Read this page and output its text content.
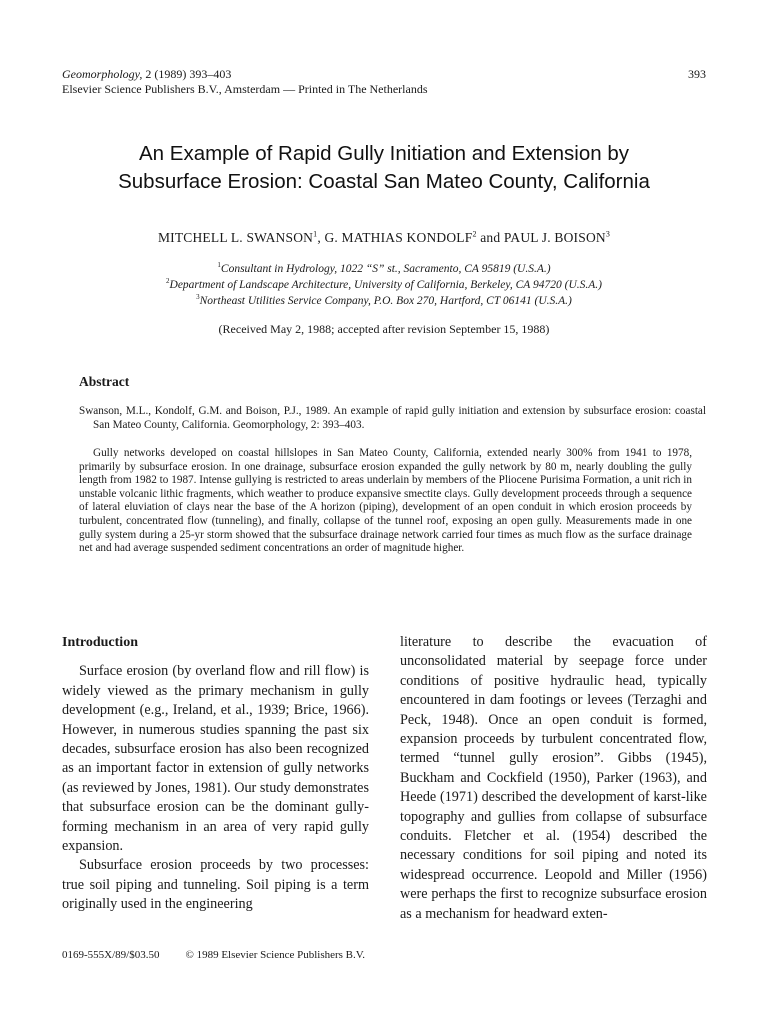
Geomorphology, 2 (1989) 393–403
Elsevier Science Publishers B.V., Amsterdam — Printed in The Netherlands
393
An Example of Rapid Gully Initiation and Extension by
Subsurface Erosion: Coastal San Mateo County, California
MITCHELL L. SWANSON$^1$, G. MATHIAS KONDOLF$^2$ and PAUL J. BOISON$^3$
$^1$Consultant in Hydrology, 1022 “S” st., Sacramento, CA 95819 (U.S.A.)
$^2$Department of Landscape Architecture, University of California, Berkeley, CA 94720 (U.S.A.)
$^3$Northeast Utilities Service Company, P.O. Box 270, Hartford, CT 06141 (U.S.A.)
(Received May 2, 1988; accepted after revision September 15, 1988)
Abstract
Swanson, M.L., Kondolf, G.M. and Boison, P.J., 1989. An example of rapid gully initiation and extension by subsurface erosion: coastal San Mateo County, California. Geomorphology, 2: 393–403.
Gully networks developed on coastal hillslopes in San Mateo County, California, extended nearly 300% from 1941 to 1978, primarily by subsurface erosion. In one drainage, subsurface erosion expanded the gully network by 80 m, nearly doubling the gully length from 1982 to 1987. Intense gullying is restricted to areas underlain by members of the Pliocene Purisima Formation, a unit rich in unstable volcanic lithic fragments, which weather to produce expansive smectite clays. Gully development proceeds through a sequence of lateral eluviation of clays near the base of the A horizon (piping), development of an open conduit in which erosion proceeds by turbulent, concentrated flow (tunneling), and finally, collapse of the tunnel roof, exposing an open gully. Measurements made in one gully system during a 25-yr storm showed that the subsurface drainage network carried four times as much flow as the surface drainage net and had average suspended sediment concentrations an order of magnitude higher.
Introduction

Surface erosion (by overland flow and rill flow) is widely viewed as the primary mechanism in gully development (e.g., Ireland, et al., 1939; Brice, 1966). However, in numerous studies spanning the past six decades, subsurface erosion has also been recognized as an important factor in extension of gully networks (as reviewed by Jones, 1981). Our study demonstrates that subsurface erosion can be the dominant gully-forming mechanism in an area of very rapid gully expansion.

Subsurface erosion proceeds by two processes: true soil piping and tunneling. Soil piping is a term originally used in the engineering

literature to describe the evacuation of unconsolidated material by seepage force under conditions of positive hydraulic head, typically encountered in dam footings or levees (Terzaghi and Peck, 1948). Once an open conduit is formed, expansion proceeds by turbulent concentrated flow, termed “tunnel gully erosion”. Gibbs (1945), Buckham and Cockfield (1950), Parker (1963), and Heede (1971) described the development of karst-like topography and gullies from collapse of subsurface conduits. Fletcher et al. (1954) described the necessary conditions for soil piping and noted its widespread occurrence. Leopold and Miller (1956) were perhaps the first to recognize subsurface erosion as a mechanism for headward exten-

0169-555X/89/$03.50 © 1989 Elsevier Science Publishers B.V.
